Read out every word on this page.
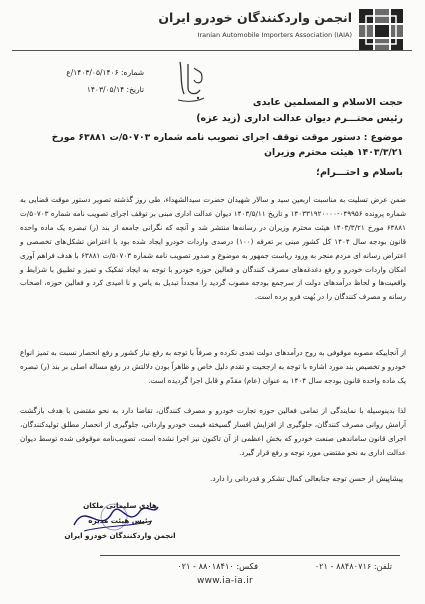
انجمن واردکنندگان خودرو ایران
Iranian Automobile Importers Association (IAIA)
شماره: ۱۴۰۳/۰۵/۱۴۰۶/ع
تاریخ: ۱۴۰۳/۰۵/۱۴
حجت الاسلام و المسلمین عابدی
رئیس محتـــرم دیوان عدالت اداری (زید عزه)
موضوع : دستور موقت توقف اجرای تصویب نامه شماره ۵۰۷۰۳/ت ۶۳۸۸۱ مورخ ۱۴۰۳/۳/۲۱ هیئت محترم وزیران
باسلام و احتـــرام؛
ضمن عرض تسلیت به مناسبت اربعین سید و سالار شهیدان حضرت سیدالشهداء، طی روز گذشته تصویر دستور موقت قضایی به شماره پرونده ۰۴۹۹۵۶-۱۴۰۳۳۱۹۲۰۰۰۰ و تاریخ ۱۴۰۳/۵/۱۱ دیوان عدالت اداری مبنی بر توقف اجرای تصویب نامه شماره ۵۰۷۰۳/ت ۶۳۸۸۱ مورخ ۱۴۰۳/۳/۲۱ هیئت محترم وزیران در رسانه‌ها منتشر شد و آنچه که نگرانی جامعه از بند (ر) تبصره یک ماده واحده قانون بودجه سال ۱۴۰۴ کل کشور مبنی بر تعرفه (۱۰۰) درصدی واردات خودرو ایجاد شده بود با اعتراض تشکل‌های تخصصی و اعتراض رسانه ای مردم منجر به ورود ریاست جمهور به موضوع و صدور تصویب نامه شماره ۵۰۷۰۳/ت ۶۳۸۸۱ با هدف فراهم آوری امکان واردات خودرو و رفع دغدغه‌های مصرف کنندگان و فعالین حوزه خودرو با توجه به ایجاد تفکیک و تمیز و تطبیق با شرایط و واقعیت‌ها و لحاظ درآمدهای دولت از سرجمع بودجه مصوب گردید را مجدداً تبدیل به یاس و نا امیدی کرد و فعالین حوزه، اصحاب رسانه و مصرف کنندگان را در بُهت فرو برده است.
از آنجاییکه مصوبه موقوفی به روح درآمدهای دولت تعدی نکرده و صرفاً با توجه به رفع نیاز کشور و رفع انحصار نسبت به تمیز انواع خودرو و تخصیص بند مورد اشاره با توجه به ارجحیت و تقدم دلیل خاص و ظاهراً بودن دلالتش در رفع مساله اصلی بر بند (ر) تبصره یک ماده واحده قانون بودجه سال ۱۴۰۴ به عنوان (عام) مقدّم و قابل اجرا گردیده است.
لذا بدینوسیله با نمایندگی از تمامی فعالین حوزه تجارت خودرو و مصرف کنندگان، تقاضا دارد به نحو مقتضی با هدف بازگشت آرامش روانی مصرف کنندگان، جلوگیری از افزایش افسار گسیخته قیمت خودرو وارداتی، جلوگیری از انحصار مطلق تولیدکنندگان، اجرای قانون ساماندهی صنعت خودرو که بخش اعظمی از آن تاکنون نیز اجرا نشده است، تصویب‌نامه موقوفی شده توسط دیوان عدالت اداری به نحو مقتضی مورد توجه و رفع قرار گیرد.
پیشاپیش از حسن توجه جنابعالی کمال تشکر و قدردانی را دارد.
هادی سلیمانی ملکان
رئیس هیئت مدیره
انجمن واردکنندگان خودرو ایران
تلفن: ۸۸۴۸۰۷۱۶ - ۰۲۱
فکس: ۸۸۰۱۸۴۱۰ - ۰۲۱
www.ia-ia.ir
